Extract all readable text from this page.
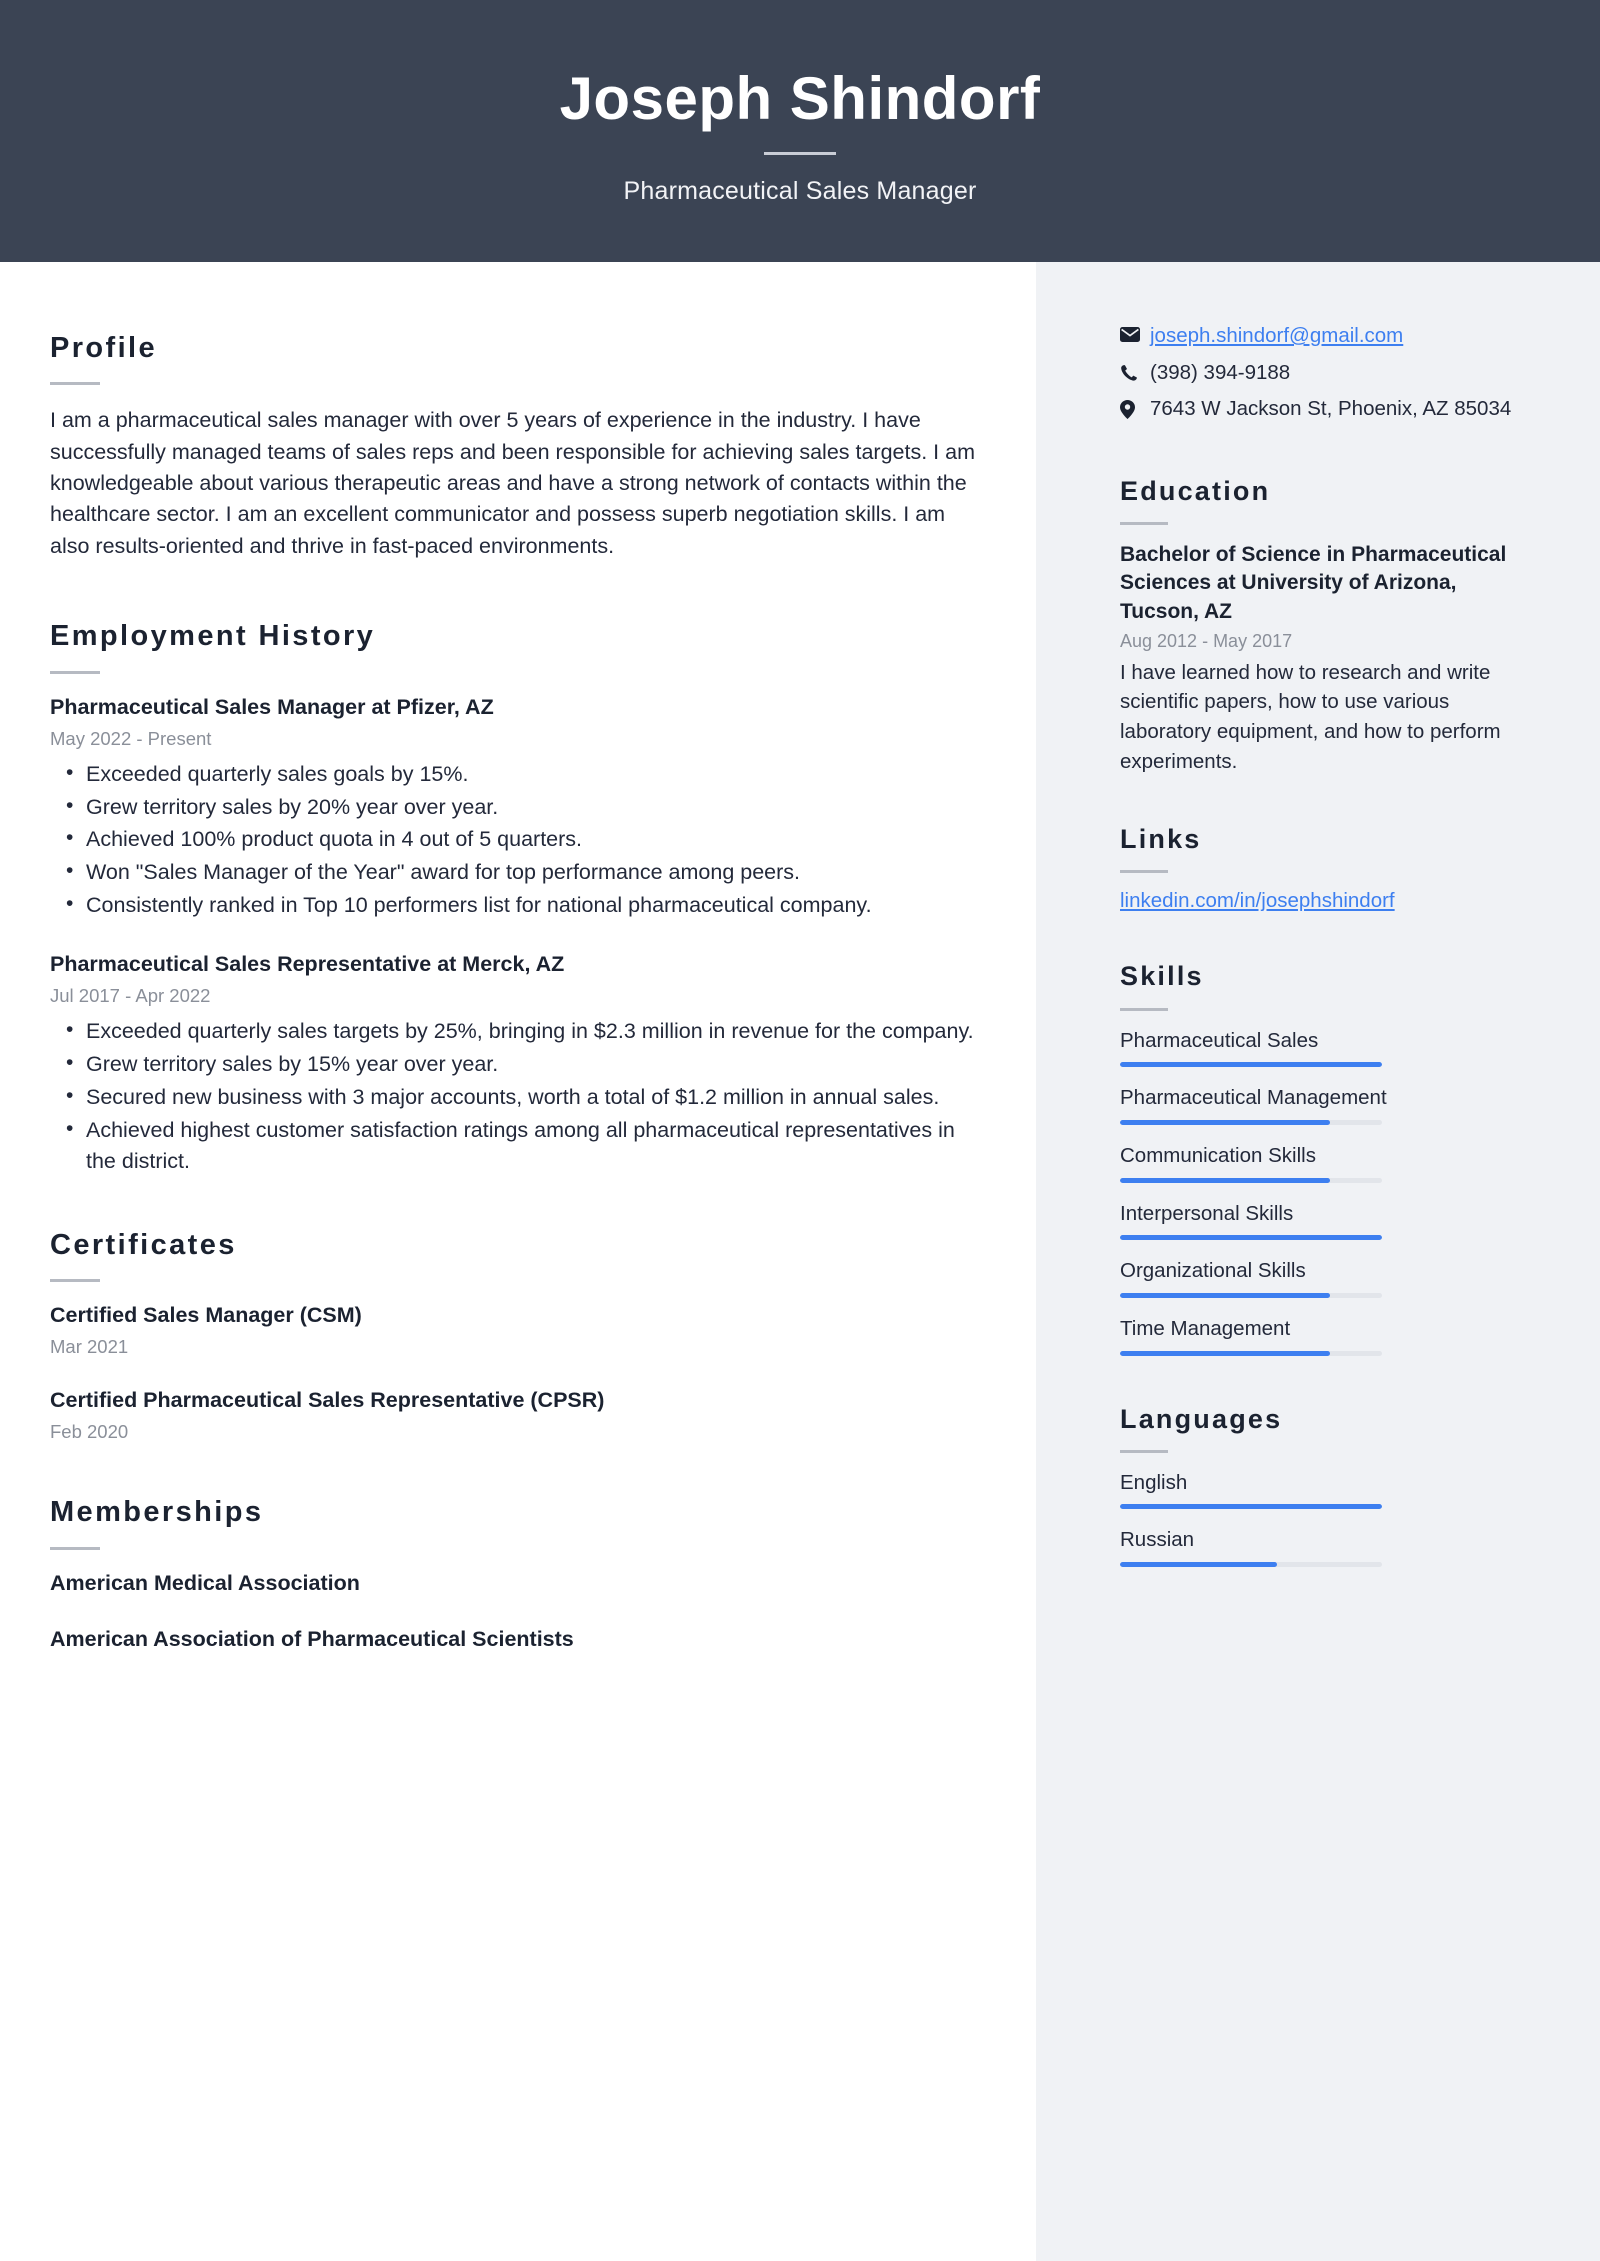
Joseph Shindorf
Pharmaceutical Sales Manager
Profile
I am a pharmaceutical sales manager with over 5 years of experience in the industry. I have successfully managed teams of sales reps and been responsible for achieving sales targets. I am knowledgeable about various therapeutic areas and have a strong network of contacts within the healthcare sector. I am an excellent communicator and possess superb negotiation skills. I am also results-oriented and thrive in fast-paced environments.
Employment History
Pharmaceutical Sales Manager at Pfizer, AZ
May 2022 - Present
• Exceeded quarterly sales goals by 15%.
• Grew territory sales by 20% year over year.
• Achieved 100% product quota in 4 out of 5 quarters.
• Won "Sales Manager of the Year" award for top performance among peers.
• Consistently ranked in Top 10 performers list for national pharmaceutical company.
Pharmaceutical Sales Representative at Merck, AZ
Jul 2017 - Apr 2022
• Exceeded quarterly sales targets by 25%, bringing in $2.3 million in revenue for the company.
• Grew territory sales by 15% year over year.
• Secured new business with 3 major accounts, worth a total of $1.2 million in annual sales.
• Achieved highest customer satisfaction ratings among all pharmaceutical representatives in the district.
Certificates
Certified Sales Manager (CSM)
Mar 2021
Certified Pharmaceutical Sales Representative (CPSR)
Feb 2020
Memberships
American Medical Association
American Association of Pharmaceutical Scientists
joseph.shindorf@gmail.com
(398) 394-9188
7643 W Jackson St, Phoenix, AZ 85034
Education
Bachelor of Science in Pharmaceutical Sciences at University of Arizona, Tucson, AZ
Aug 2012 - May 2017
I have learned how to research and write scientific papers, how to use various laboratory equipment, and how to perform experiments.
Links
linkedin.com/in/josephshindorf
Skills
Pharmaceutical Sales
Pharmaceutical Management
Communication Skills
Interpersonal Skills
Organizational Skills
Time Management
Languages
English
Russian
